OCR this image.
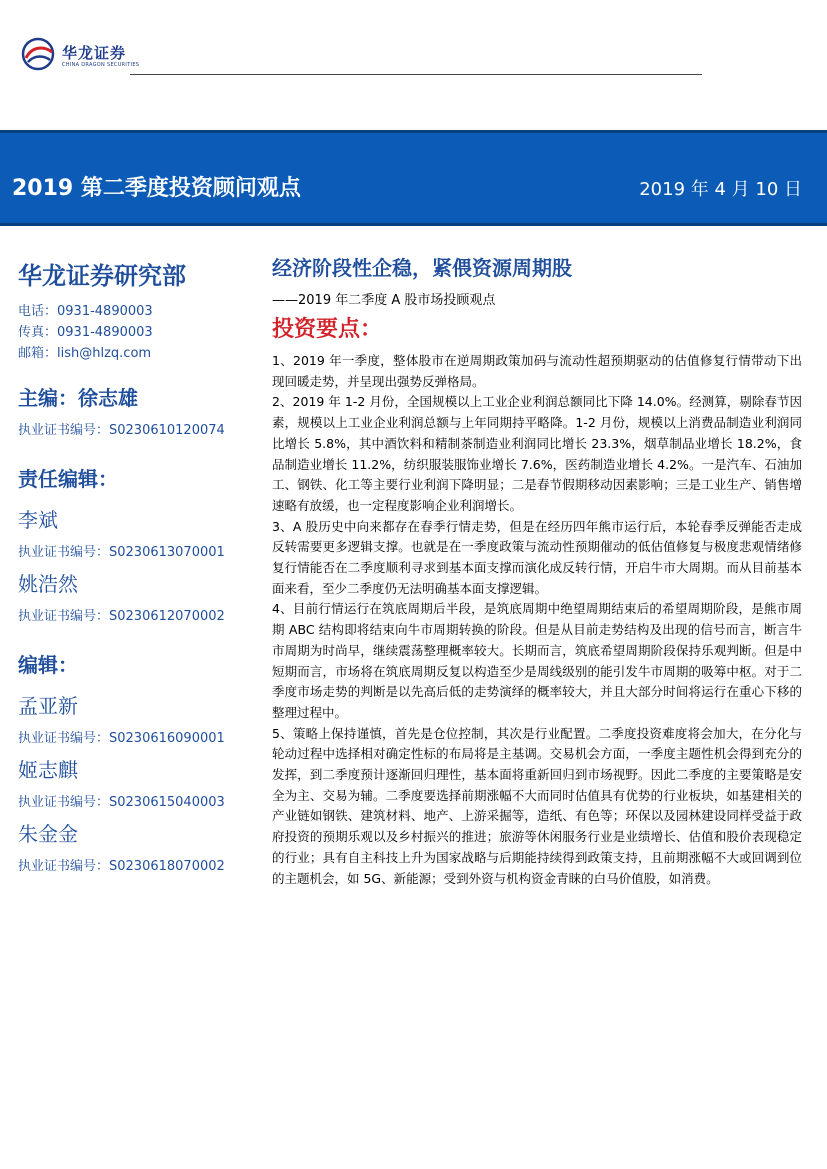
华龙证券
CHINA DRAGON SECURITIES
2019 第二季度投资顾问观点	2019 年 4 月 10 日
华龙证券研究部
电话：0931-4890003
传真：0931-4890003
邮箱：lish@hlzq.com
主编：徐志雄
执业证书编号：S0230610120074
责任编辑：
李斌
执业证书编号：S0230613070001
姚浩然
执业证书编号：S0230612070002
编辑：
孟亚新
执业证书编号：S0230616090001
姬志麒
执业证书编号：S0230615040003
朱金金
执业证书编号：S0230618070002
经济阶段性企稳，紧偎资源周期股
——2019 年二季度 A 股市场投顾观点
投资要点：

1、2019 年一季度，整体股市在逆周期政策加码与流动性超预期驱动的估值修复行情带动下出现回暖走势，并呈现出强势反弹格局。

2、2019 年 1-2 月份，全国规模以上工业企业利润总额同比下降 14.0%。经测算，剔除春节因素，规模以上工业企业利润总额与上年同期持平略降。1-2 月份，规模以上消费品制造业利润同比增长 5.8%，其中酒饮料和精制茶制造业利润同比增长 23.3%，烟草制品业增长 18.2%，食品制造业增长 11.2%，纺织服装服饰业增长 7.6%，医药制造业增长 4.2%。一是汽车、石油加工、钢铁、化工等主要行业利润下降明显；二是春节假期移动因素影响；三是工业生产、销售增速略有放缓，也一定程度影响企业利润增长。

3、A 股历史中向来都存在春季行情走势，但是在经历四年熊市运行后，本轮春季反弹能否走成反转需要更多逻辑支撑。也就是在一季度政策与流动性预期催动的低估值修复与极度悲观情绪修复行情能否在二季度顺利寻求到基本面支撑而演化成反转行情，开启牛市大周期。而从目前基本面来看，至少二季度仍无法明确基本面支撑逻辑。

4、目前行情运行在筑底周期后半段，是筑底周期中绝望周期结束后的希望周期阶段，是熊市周期 ABC 结构即将结束向牛市周期转换的阶段。但是从目前走势结构及出现的信号而言，断言牛市周期为时尚早，继续震荡整理概率较大。长期而言，筑底希望周期阶段保持乐观判断。但是中短期而言，市场将在筑底周期反复以构造至少是周线级别的能引发牛市周期的吸筹中枢。对于二季度市场走势的判断是以先高后低的走势演绎的概率较大，并且大部分时间将运行在重心下移的整理过程中。

5、策略上保持谨慎，首先是仓位控制，其次是行业配置。二季度投资难度将会加大，在分化与轮动过程中选择相对确定性标的布局将是主基调。交易机会方面，一季度主题性机会得到充分的发挥，到二季度预计逐渐回归理性，基本面将重新回归到市场视野。因此二季度的主要策略是安全为主、交易为辅。二季度要选择前期涨幅不大而同时估值具有优势的行业板块，如基建相关的产业链如钢铁、建筑材料、地产、上游采掘等，造纸、有色等；环保以及园林建设同样受益于政府投资的预期乐观以及乡村振兴的推进；旅游等休闲服务行业是业绩增长、估值和股价表现稳定的行业；具有自主科技上升为国家战略与后期能持续得到政策支持，且前期涨幅不大或回调到位的主题机会，如 5G、新能源；受到外资与机构资金青睐的白马价值股，如消费。
